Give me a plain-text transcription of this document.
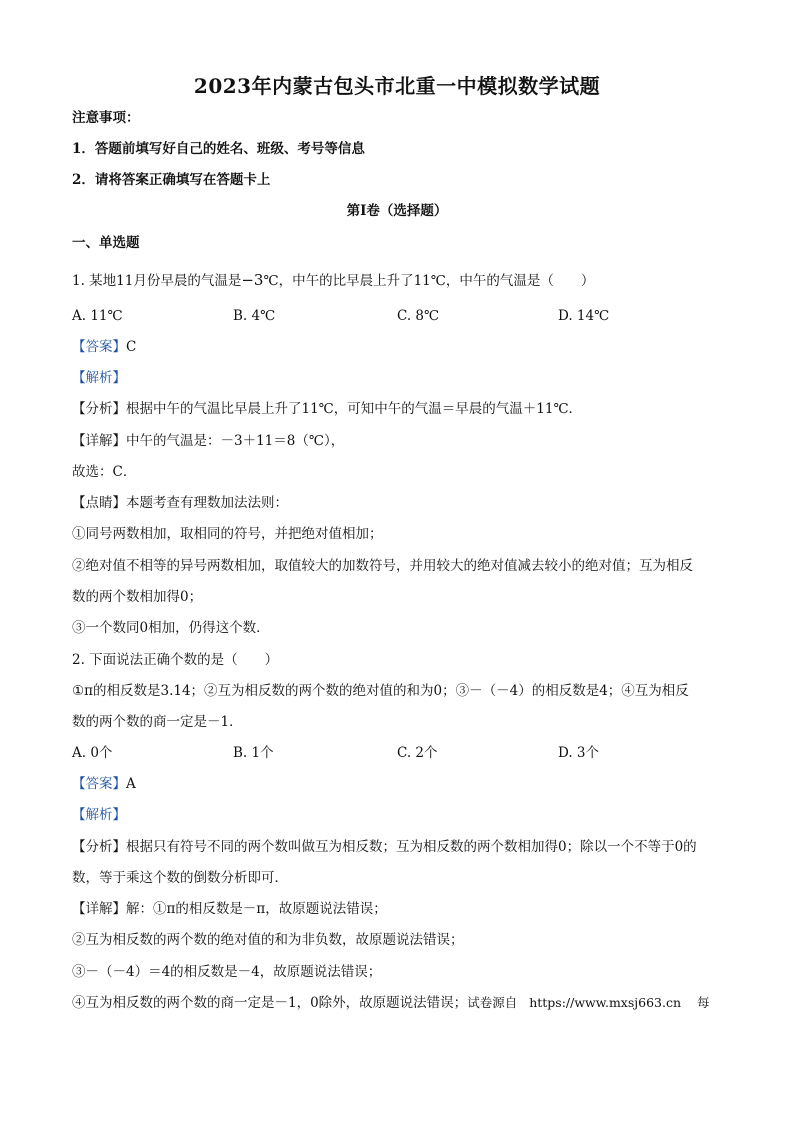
2023年内蒙古包头市北重一中模拟数学试题
注意事项：
1．答题前填写好自己的姓名、班级、考号等信息
2．请将答案正确填写在答题卡上
第I卷（选择题）
一、单选题
1. 某地11月份早晨的气温是−3℃，中午的比早晨上升了11℃，中午的气温是（　　）
A. 11℃	B. 4℃	C. 8℃	D. 14℃
【答案】C
【解析】
【分析】根据中午的气温比早晨上升了11℃，可知中午的气温＝早晨的气温＋11℃．
【详解】中午的气温是：－3＋11＝8（℃），
故选：C．
【点睛】本题考查有理数加法法则：
①同号两数相加，取相同的符号，并把绝对值相加；
②绝对值不相等的异号两数相加，取值较大的加数符号，并用较大的绝对值减去较小的绝对值；互为相反
数的两个数相加得0；
③一个数同0相加，仍得这个数．
2. 下面说法正确个数的是（　　）
①π的相反数是3.14；②互为相反数的两个数的绝对值的和为0；③－（－4）的相反数是4；④互为相反
数的两个数的商一定是－1．
A. 0个	B. 1个	C. 2个	D. 3个
【答案】A
【解析】
【分析】根据只有符号不同的两个数叫做互为相反数；互为相反数的两个数相加得0；除以一个不等于0的
数，等于乘这个数的倒数分析即可．
【详解】解：①π的相反数是－π，故原题说法错误；
②互为相反数的两个数的绝对值的和为非负数，故原题说法错误；
③－（－4）＝4的相反数是－4，故原题说法错误；
④互为相反数的两个数的商一定是－1，0除外，故原题说法错误；试卷源自 https://www.mxsj663.cn 每
